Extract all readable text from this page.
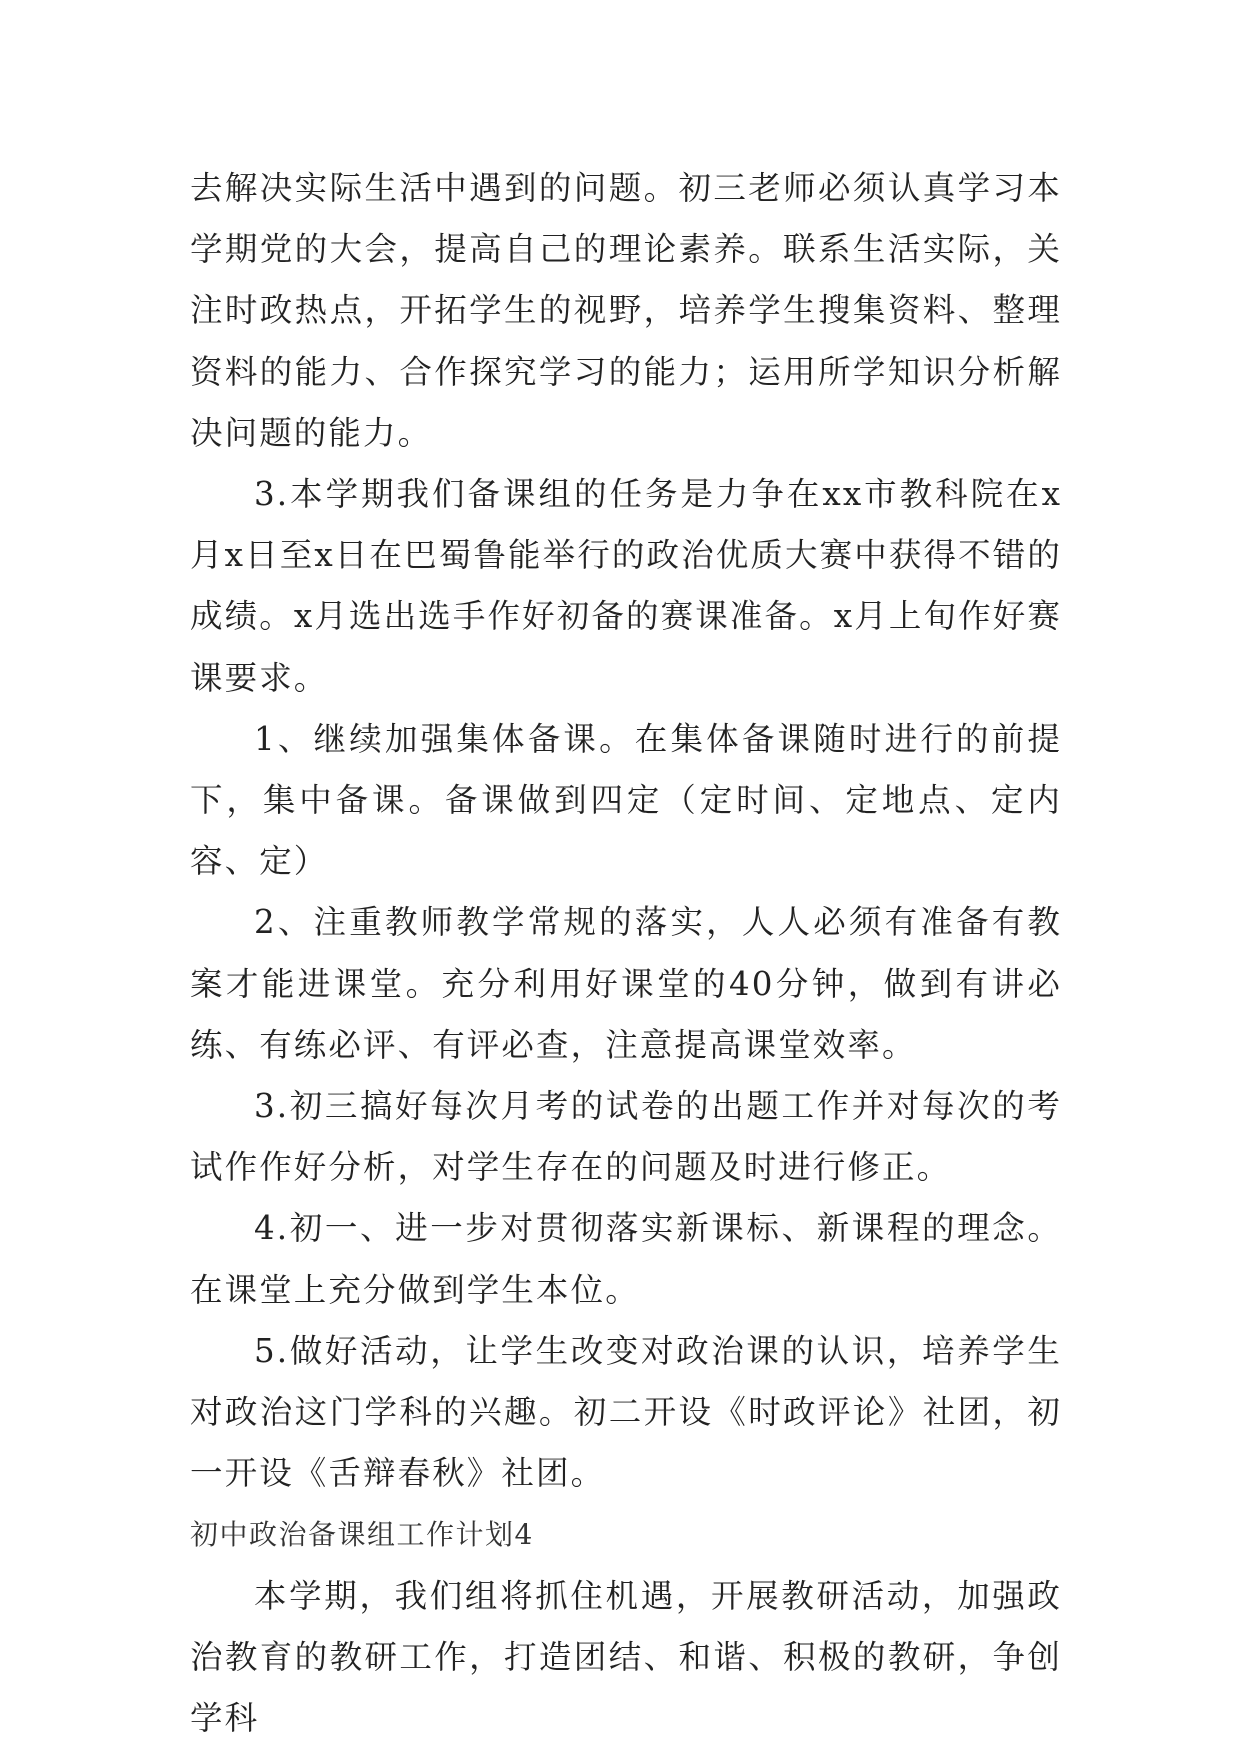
去解决实际生活中遇到的问题。初三老师必须认真学习本学期党的大会，提高自己的理论素养。联系生活实际，关注时政热点，开拓学生的视野，培养学生搜集资料、整理资料的能力、合作探究学习的能力；运用所学知识分析解决问题的能力。

3.本学期我们备课组的任务是力争在xx市教科院在x月x日至x日在巴蜀鲁能举行的政治优质大赛中获得不错的成绩。x月选出选手作好初备的赛课准备。x月上旬作好赛课要求。

1、继续加强集体备课。在集体备课随时进行的前提下，集中备课。备课做到四定（定时间、定地点、定内容、定）

2、注重教师教学常规的落实，人人必须有准备有教案才能进课堂。充分利用好课堂的40分钟，做到有讲必练、有练必评、有评必查，注意提高课堂效率。

3.初三搞好每次月考的试卷的出题工作并对每次的考试作作好分析，对学生存在的问题及时进行修正。

4.初一、进一步对贯彻落实新课标、新课程的理念。在课堂上充分做到学生本位。

5.做好活动，让学生改变对政治课的认识，培养学生对政治这门学科的兴趣。初二开设《时政评论》社团，初一开设《舌辩春秋》社团。

初中政治备课组工作计划4

本学期，我们组将抓住机遇，开展教研活动，加强政治教育的教研工作，打造团结、和谐、积极的教研，争创学科
